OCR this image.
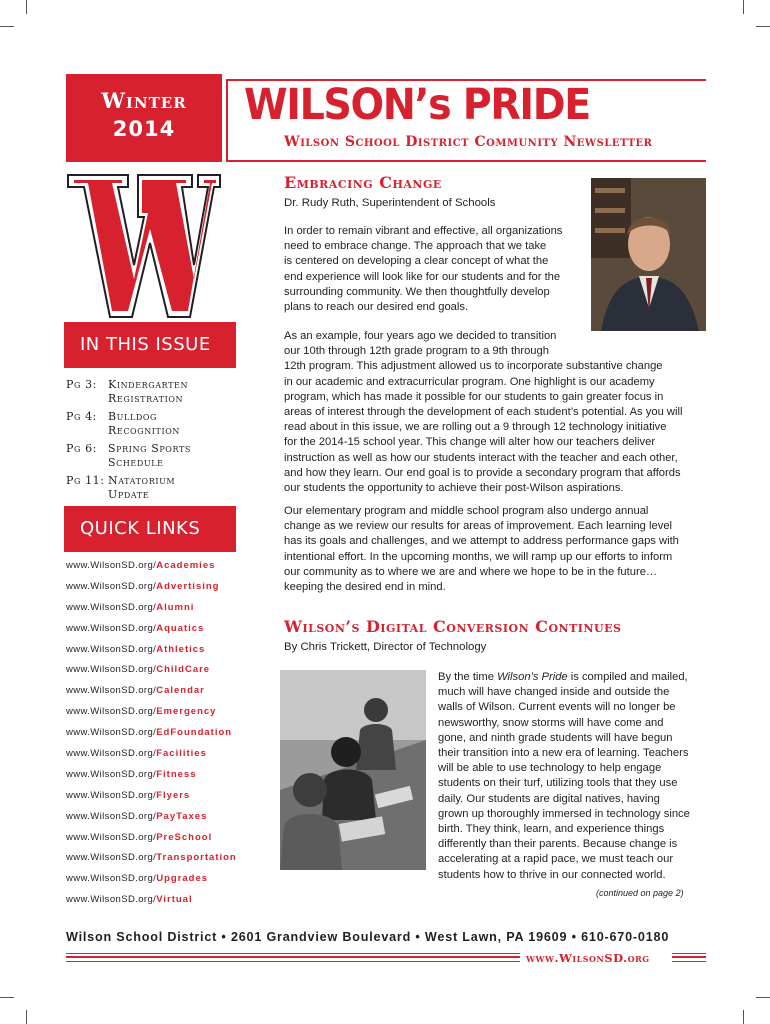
Winter
2014	WILSON’s PRIDE
Wilson School District Community Newsletter
IN THIS ISSUE
Pg 3:	Kindergarten
Registration
Pg 4:	Bulldog
Recognition
Pg 6:	Spring Sports
Schedule
Pg 11: Natatorium
Update
QUICK LINKS
www.WilsonSD.org/Academies
www.WilsonSD.org/Advertising
www.WilsonSD.org/Alumni
www.WilsonSD.org/Aquatics
www.WilsonSD.org/Athletics
www.WilsonSD.org/ChildCare
www.WilsonSD.org/Calendar
www.WilsonSD.org/Emergency
www.WilsonSD.org/EdFoundation
www.WilsonSD.org/Facilities
www.WilsonSD.org/Fitness
www.WilsonSD.org/Flyers
www.WilsonSD.org/PayTaxes
www.WilsonSD.org/PreSchool
www.WilsonSD.org/Transportation
www.WilsonSD.org/Upgrades
www.WilsonSD.org/Virtual
Embracing Change
Dr. Rudy Ruth, Superintendent of Schools

In order to remain vibrant and effective, all organizations
need to embrace change. The approach that we take
is centered on developing a clear concept of what the
end experience will look like for our students and for the
surrounding community. We then thoughtfully develop
plans to reach our desired end goals.

As an example, four years ago we decided to transition
our 10th through 12th grade program to a 9th through
12th program. This adjustment allowed us to incorporate substantive change
in our academic and extracurricular program. One highlight is our academy
program, which has made it possible for our students to gain greater focus in
areas of interest through the development of each student’s potential. As you will
read about in this issue, we are rolling out a 9 through 12 technology initiative
for the 2014-15 school year. This change will alter how our teachers deliver
instruction as well as how our students interact with the teacher and each other,
and how they learn. Our end goal is to provide a secondary program that affords
our students the opportunity to achieve their post-Wilson aspirations.

Our elementary program and middle school program also undergo annual
change as we review our results for areas of improvement. Each learning level
has its goals and challenges, and we attempt to address performance gaps with
intentional effort. In the upcoming months, we will ramp up our efforts to inform
our community as to where we are and where we hope to be in the future…
keeping the desired end in mind.

Wilson’s Digital Conversion Continues
By Chris Trickett, Director of Technology

By the time Wilson’s Pride is compiled and mailed,
much will have changed inside and outside the
walls of Wilson. Current events will no longer be
newsworthy, snow storms will have come and
gone, and ninth grade students will have begun
their transition into a new era of learning. Teachers
will be able to use technology to help engage
students on their turf, utilizing tools that they use
daily. Our students are digital natives, having
grown up thoroughly immersed in technology since
birth. They think, learn, and experience things
differently than their parents. Because change is
accelerating at a rapid pace, we must teach our
students how to thrive in our connected world.

(continued on page 2)
Wilson School District • 2601 Grandview Boulevard • West Lawn, PA 19609 • 610-670-0180
www.WilsonSD.org
